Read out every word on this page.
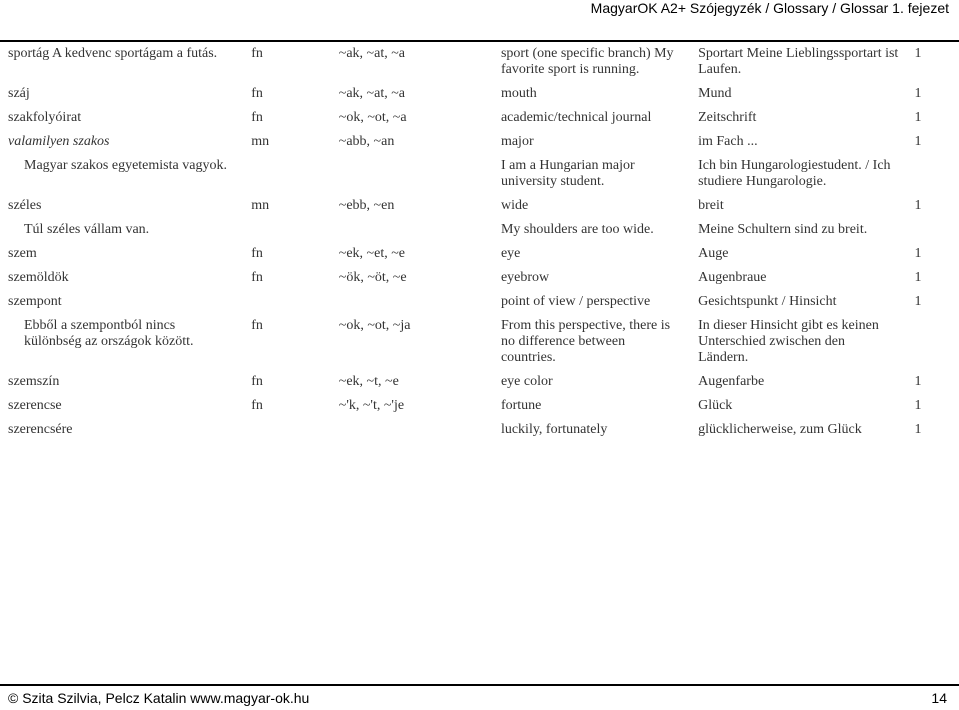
MagyarOK A2+ Szójegyzék / Glossary / Glossar 1. fejezet
sportág A kedvenc sportágam a futás.	fn	~ak, ~at, ~a	sport (one specific branch) My favorite sport is running.	Sportart Meine Lieblingssportart ist Laufen.	1
száj	fn	~ak, ~at, ~a	mouth	Mund	1
szakfolyóirat	fn	~ok, ~ot, ~a	academic/technical journal	Zeitschrift	1
valamilyen szakos	mn	~abb, ~an	major	im Fach ...	1
Magyar szakos egyetemista vagyok.			I am a Hungarian major university student.	Ich bin Hungarologiestudent. / Ich studiere Hungarologie.	
széles	mn	~ebb, ~en	wide	breit	1
Túl széles vállam van.			My shoulders are too wide.	Meine Schultern sind zu breit.	
szem	fn	~ek, ~et, ~e	eye	Auge	1
szemöldök	fn	~ök, ~öt, ~e	eyebrow	Augenbraue	1
szempont			point of view / perspective	Gesichtspunkt / Hinsicht	1
Ebből a szempontból nincs különbség az országok között.	fn	~ok, ~ot, ~ja	From this perspective, there is no difference between countries.	In dieser Hinsicht gibt es keinen Unterschied zwischen den Ländern.	
szemszín	fn	~ek, ~t, ~e	eye color	Augenfarbe	1
szerencse	fn	~'k, ~'t, ~'je	fortune	Glück	1
szerencsére			luckily, fortunately	glücklicherweise, zum Glück	1
© Szita Szilvia, Pelcz Katalin www.magyar-ok.hu	14
